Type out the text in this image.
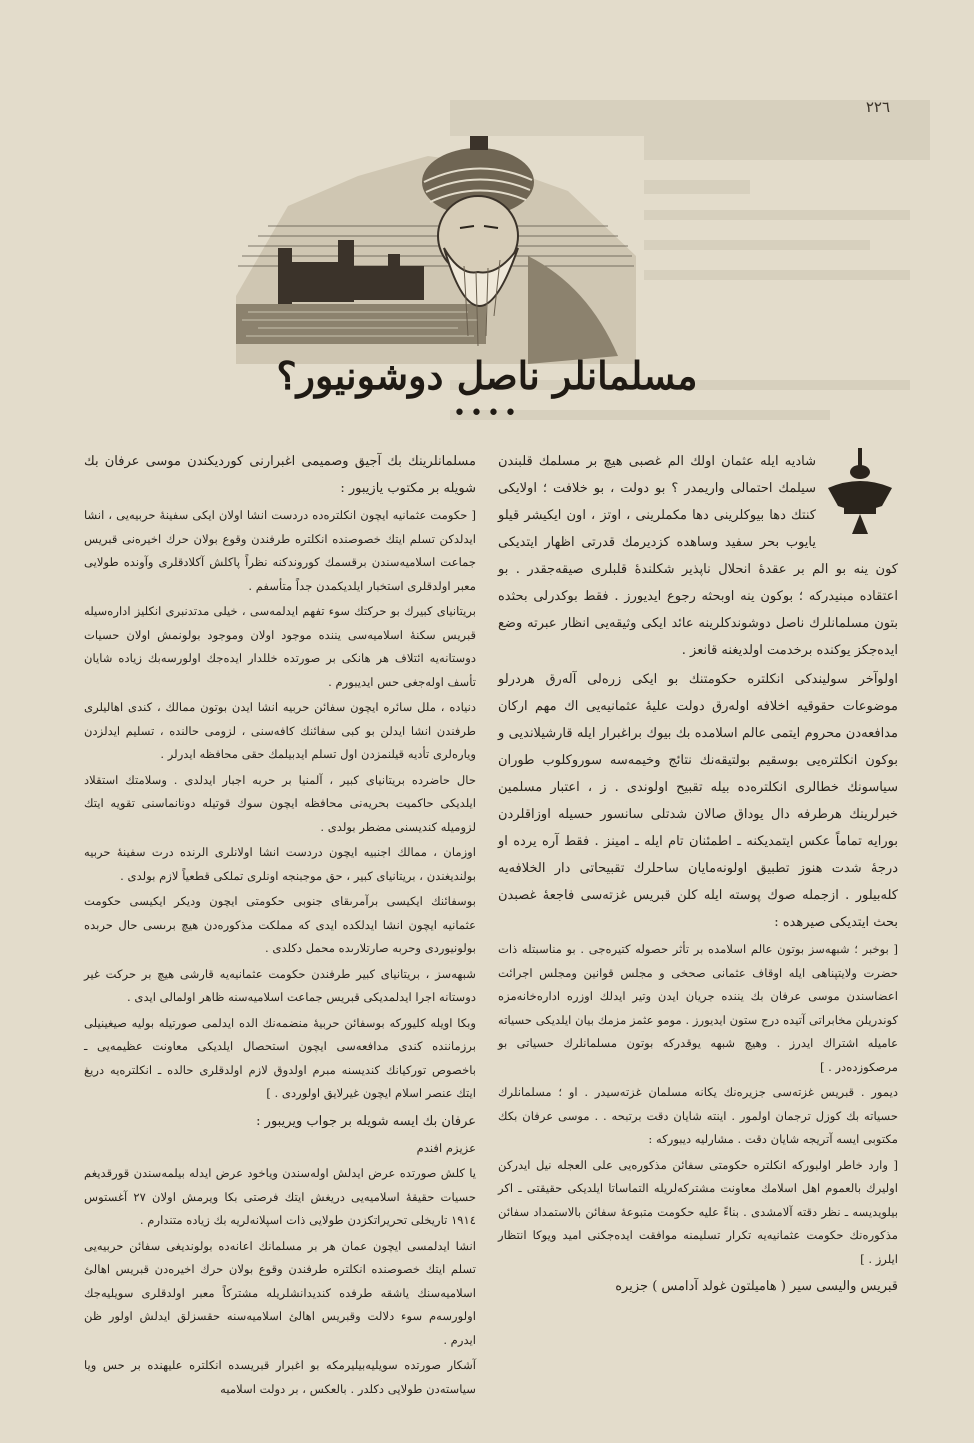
٢٢٦
مسلمانلر ناصل دوشونيور؟
••••

شاديه ايله عثمان اولك الم غصبى هيچ بر مسلمك قلبندن سيلمك احتمالى واريمدر ؟ بو دولت ، بو خلافت ؛ اولايكى كنتك دها بيوكلرينى دها مكملرينى ، اوتز ، اون ايكيشر قيلو يايوب بحر سفيد وساهده كزديرمك قدرتى اظهار ايتديكى كون ينه بو الم بر عقدهٔ انحلال ناپذير شكلندهٔ قلبلرى صيقه‌جقدر . بو اعتقاده مبنيدركه ؛ بوكون ينه اوبحثه رجوع ايديورز . فقط بوكدرلى بحثده بتون مسلمانلرك ناصل دوشوندكلرينه عائد ايكى وثيقه‌يى انظار عبرته وضع ايده‌جكز يوكنده برخدمت اولديغنه قانعز .

اولوآخر سوليندكى انكلتره حكومتنك بو ايكى زره‌لى آلەرق هردرلو موضوعات حقوقيه اخلافه اوله‌رق دولت عليهٔ عثمانيه‌يى اك مهم اركان مدافعه‌دن محروم ايتمى عالم اسلامده بك بيوك براغبرار ايله قارشيلانديى و بوكون انكلتره‌يى بوسقيم بولتيقه‌نك نتائج وخيمه‌سه سوروكلوب طوران سياسونك خطالرى انكلتره‌ده بيله تقبيح اولوندى . ز ، اعتبار مسلمين خبرلرينك هرطرفه دال يوداق صالان شدتلى سانسور حسيله اوزاقلردن بورايه تماماً عكس ايتمديكنه ـ اطمئنان تام ايله ـ امينز . فقط آره يرده او درجهٔ شدت هنوز تطبيق اولونه‌مايان ساحلرك تقبيحاتى دار الخلافه‌يه كله‌بيلور . ازجمله صوك پوسته ايله كلن قبريس غزته‌سى فاجعهٔ غصبدن بحث ايتديكى صيرهده :

[ بوخبر ؛ شبهه‌سز بوتون عالم اسلامده بر تأثر حصوله كتيرەجى . بو مناسبتله ذات حضرت ولايتپناهى ايله اوقاف عثمانى صحخى و مجلس قوانين ومجلس اجرائت اعضاسندن موسى عرفان بك يننده جريان ايدن وتير ايدلك اوزره اداره‌خانه‌مزه كوندريلن مخابراتى آتيده درج ستون ايديورز . مومو عثمز مزمك بيان ايلديكى حسياته عاميله اشتراك ايدرز . وهيچ شبهه يوقدركه بوتون مسلمانلرك حسياتى بو مرصكوزده‌در . ]

ديمور . قبريس غزته‌سى جزيره‌نك يكانه مسلمان غزته‌سيدر . او ؛ مسلمانلرك حسياته بك كوزل ترجمان اولمور . اينته شايان دقت برتبحه . . موسى عرفان بكك مكتوبى ايسه آتريجه شايان دقت . مشارليه ديبوركه :

[ وارد خاطر اولبوركه انكلتره حكومتى سفائن مذكوره‌يى على العجله نيل ايدركن اوليرك بالعموم اهل اسلامك معاونت مشتركه‌لريله التماساتا ايلديكى حقيقتى ـ اكر بيلويديسه ـ نظر دقته آلامشدى . بناءً عليه حكومت متبوعهٔ سفائن بالاستمداد سفائن مذكوره‌نك حكومت عثمانيه‌يه تكرار تسليمنه موافقت ايده‌جكنى اميد ويوكا انتظار ايلرز . ]

قبريس واليسى سير ( هاميلتون غولد آدامس ) جزيره

مسلمانلرينك بك آجيق وصميمى اغبرارنى كورديكندن موسى عرفان بك شويله بر مكتوب يازيبور :

[ حكومت عثمانيه ايچون انكلتره‌ده دردست انشا اولان ايكى سفينهٔ حربيه‌يى ، انشا ايدلدكن تسلم ايتك خصوصنده انكلتره طرفندن وقوع بولان حرك اخيره‌نى قبريس جماعت اسلاميه‌سندن برقسمك كوروندكنه نظراً پاكلش آكلادقلرى وآونده طولايى معبر اولدقلرى استخبار ايلديكمدن جداً متأسفم .

بريتانياى كبيرك بو حركتك سوء تفهم ايدلمه‌سى ، خيلى مدتدنبرى انكليز اداره‌سيله قبريس سكنهٔ اسلاميه‌سى يننده موجود اولان وموجود بولونمش اولان حسيات دوستانه‌يه ائتلاف هر هانكى بر صورتده خللدار ايده‌جك اولورسه‌بك زياده شايان تأسف اوله‌جغى حس ايديبورم .

دنياده ، ملل سائره ايچون سفائن حربيه انشا ايدن بوتون ممالك ، كندى اهاليلرى طرفندن انشا ايدلن بو كبى سفائنك كافه‌سنى ، لزومى حالنده ، تسليم ايدلزدن وياره‌لرى تأديه قيلنمزدن اول تسلم ايدبيلمك حقى محافظه ايدرلر .

حال حاضرده بريتانياى كبير ، آلمنيا بر حربه اجبار ايدلدى . وسلامتك استقلاد ايلديكى حاكميت بحريه‌نى محافظه ايچون سوك قوتيله دونانماسنى تقويه ايتك لزوميله كنديسنى مضطر بولدى .

اوزمان ، ممالك اجنبيه ايچون دردست انشا اولانلرى الرنده درت سفينهٔ حربيه بولنديغندن ، بريتانياى كبير ، حق موجبنجه اونلرى تملكى قطعياً لازم بولدى .

بوسفائنك ايكيسى برآمرىقاى جنوبى حكومتى ايچون وديكر ايكيسى حكومت عثمانيه ايچون انشا ايدلكده ايدى كه مملكت مذكوره‌دن هيچ برىسى حال حربده بولونيوردى وحربه صارتلارىده محمل دكلدى .

شبهه‌سز ، بريتانياى كبير طرفندن حكومت عثمانيه‌يه قارشى هيچ بر حركت غير دوستانه اجرا ايدلمديكى قبريس جماعت اسلاميه‌سنه ظاهر اولمالى ايدى .

وبكا اويله كليوركه بوسفائن حربيهٔ منضمه‌نك الده ايدلمى صورتيله بوليه صيغينيلى برزماننده كندى مدافعه‌سى ايچون استحصال ايلديكى معاونت عظيمه‌يى ـ باخصوص توركيانك كنديسنه مبرم اولدوق لازم اولدقلرى حالده ـ انكلتره‌يه دريغ ايتك عنصر اسلام ايچون غيرلايق اولوردى . ]

عرفان بك ايسه شويله بر جواب ويريبور :

عزيزم افندم

يا كلش صورتده عرض ايدلش اوله‌سندن وياخود عرض ايدله بيلمه‌سندن قورقديغم حسيات حقيقهٔ اسلاميه‌يى دريغش ايتك فرصتى بكا ويرمش اولان ٢٧ آغستوس ١٩١٤ تاريخلى تحريراتكزدن طولايى ذات اسپلانه‌لريه بك زياده متندارم .

انشا ايدلمسى ايچون عمان هر بر مسلمانك اعانه‌ده بولونديغى سفائن حربيه‌يى تسلم ايتك خصوصنده انكلتره طرفندن وقوع بولان حرك اخيره‌دن قبريس اهالئ اسلاميه‌سنك ياشقه طرفده كنديدانشلريله مشتركاً معبر اولدقلرى سويليه‌جك اولورسه‌م سوء دلالت وقبريس اهالئ اسلاميه‌سنه حقسزلق ايدلش اولور ظن ايدرم .

آشكار صورتده سويليه‌بيليرمكه بو اغبرار قبريسده انكلتره عليهنده بر حس ويا سياسته‌دن طولايى دكلدر . بالعكس ، بر دولت اسلاميه
